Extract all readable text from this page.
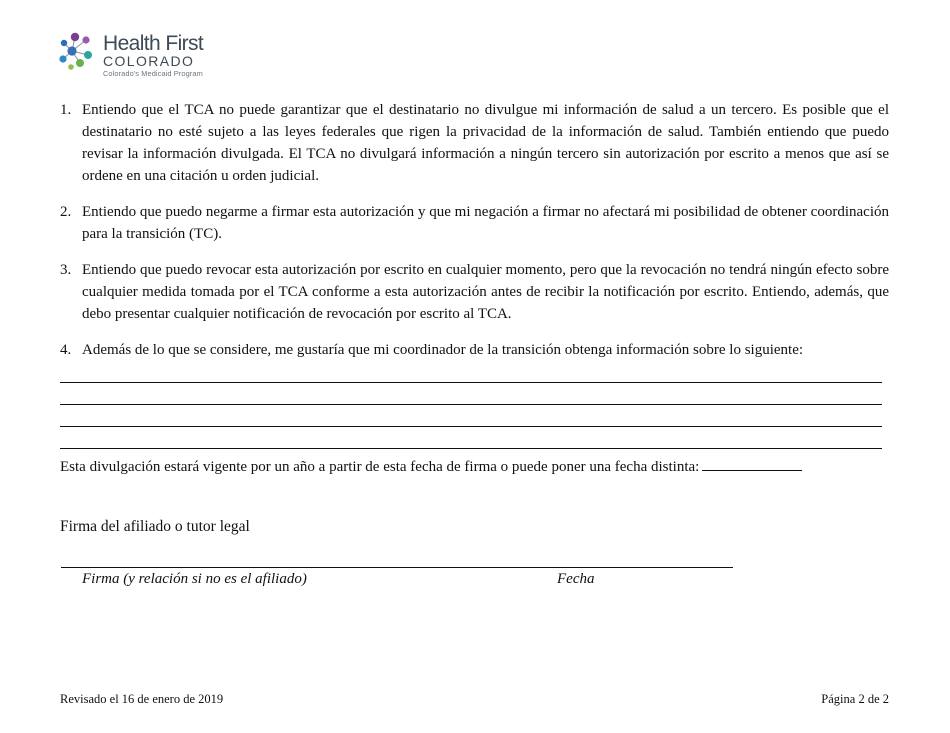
Health First
COLORADO
Colorado's Medicaid Program
1. Entiendo que el TCA no puede garantizar que el destinatario no divulgue mi información de salud a un tercero. Es posible que el destinatario no esté sujeto a las leyes federales que rigen la privacidad de la información de salud. También entiendo que puedo revisar la información divulgada. El TCA no divulgará información a ningún tercero sin autorización por escrito a menos que así se ordene en una citación u orden judicial.
2. Entiendo que puedo negarme a firmar esta autorización y que mi negación a firmar no afectará mi posibilidad de obtener coordinación para la transición (TC).
3. Entiendo que puedo revocar esta autorización por escrito en cualquier momento, pero que la revocación no tendrá ningún efecto sobre cualquier medida tomada por el TCA conforme a esta autorización antes de recibir la notificación por escrito. Entiendo, además, que debo presentar cualquier notificación de revocación por escrito al TCA.
4. Además de lo que se considere, me gustaría que mi coordinador de la transición obtenga información sobre lo siguiente:
Esta divulgación estará vigente por un año a partir de esta fecha de firma o puede poner una fecha distinta:
Firma del afiliado o tutor legal
Firma (y relación si no es el afiliado)	Fecha
Revisado el 16 de enero de 2019	Página 2 de 2
